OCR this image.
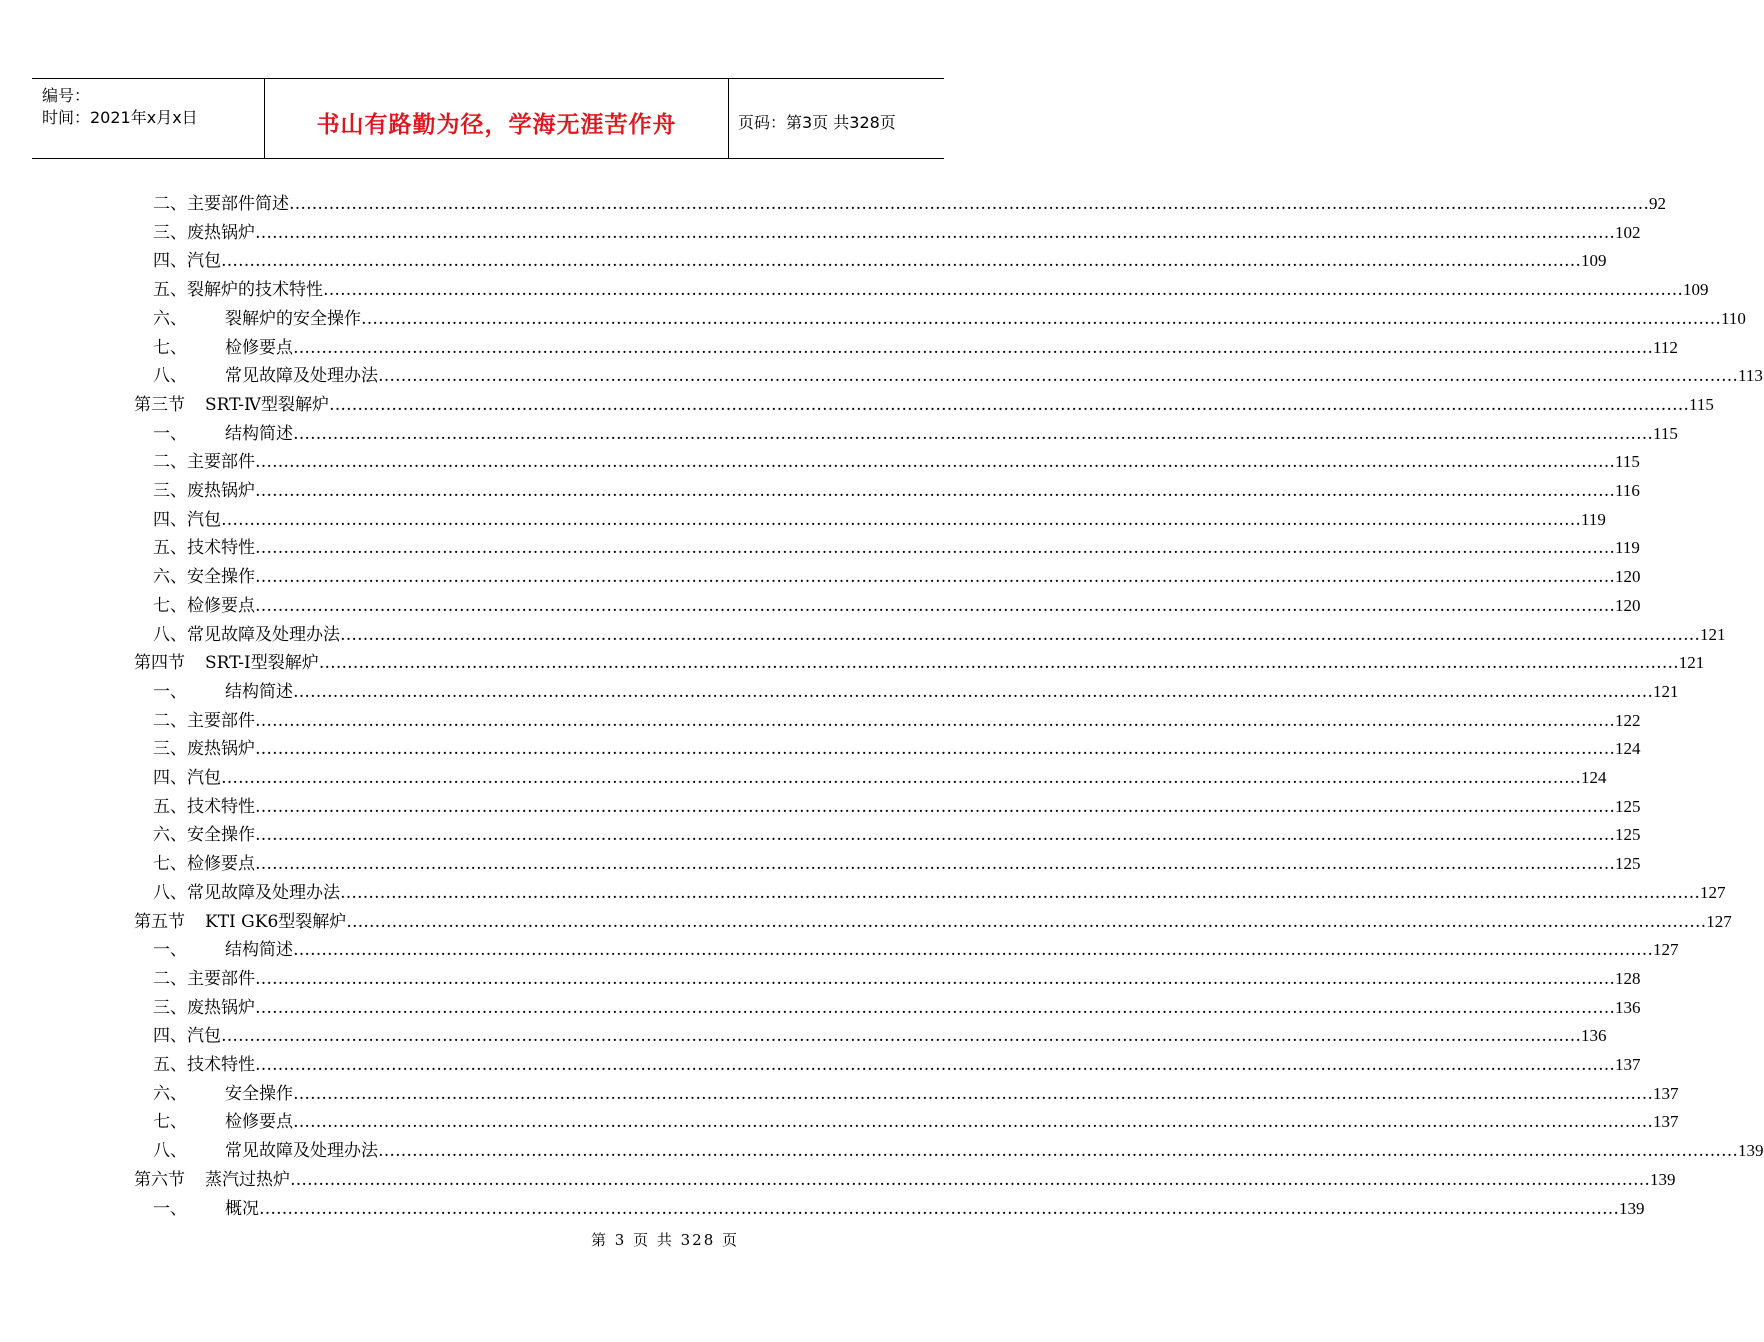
编号：
时间：2021年x月x日	书山有路勤为径，学海无涯苦作舟	页码：第3页 共328页
二、 主要部件简述 …………………………………………………………………………………………………………………………………………………………………………………………………………………… 92
三、 废热锅炉 …………………………………………………………………………………………………………………………………………………………………………………………………………………… 102
四、 汽包 …………………………………………………………………………………………………………………………………………………………………………………………………………………… 109
五、 裂解炉的技术特性 …………………………………………………………………………………………………………………………………………………………………………………………………………………… 109
六、 裂解炉的安全操作 …………………………………………………………………………………………………………………………………………………………………………………………………………………… 110
七、 检修要点 …………………………………………………………………………………………………………………………………………………………………………………………………………………… 112
八、 常见故障及处理办法 …………………………………………………………………………………………………………………………………………………………………………………………………………………… 113
第三节 SRT-Ⅳ型裂解炉 …………………………………………………………………………………………………………………………………………………………………………………………………………………… 115
一、 结构简述 …………………………………………………………………………………………………………………………………………………………………………………………………………………… 115
二、 主要部件 …………………………………………………………………………………………………………………………………………………………………………………………………………………… 115
三、 废热锅炉 …………………………………………………………………………………………………………………………………………………………………………………………………………………… 116
四、 汽包 …………………………………………………………………………………………………………………………………………………………………………………………………………………… 119
五、 技术特性 …………………………………………………………………………………………………………………………………………………………………………………………………………………… 119
六、 安全操作 …………………………………………………………………………………………………………………………………………………………………………………………………………………… 120
七、 检修要点 …………………………………………………………………………………………………………………………………………………………………………………………………………………… 120
八、 常见故障及处理办法 …………………………………………………………………………………………………………………………………………………………………………………………………………………… 121
第四节 SRT-I型裂解炉 …………………………………………………………………………………………………………………………………………………………………………………………………………………… 121
一、 结构简述 …………………………………………………………………………………………………………………………………………………………………………………………………………………… 121
二、 主要部件 …………………………………………………………………………………………………………………………………………………………………………………………………………………… 122
三、 废热锅炉 …………………………………………………………………………………………………………………………………………………………………………………………………………………… 124
四、 汽包 …………………………………………………………………………………………………………………………………………………………………………………………………………………… 124
五、 技术特性 …………………………………………………………………………………………………………………………………………………………………………………………………………………… 125
六、 安全操作 …………………………………………………………………………………………………………………………………………………………………………………………………………………… 125
七、 检修要点 …………………………………………………………………………………………………………………………………………………………………………………………………………………… 125
八、 常见故障及处理办法 …………………………………………………………………………………………………………………………………………………………………………………………………………………… 127
第五节 KTI GK6型裂解炉 …………………………………………………………………………………………………………………………………………………………………………………………………………………… 127
一、 结构简述 …………………………………………………………………………………………………………………………………………………………………………………………………………………… 127
二、 主要部件 …………………………………………………………………………………………………………………………………………………………………………………………………………………… 128
三、 废热锅炉 …………………………………………………………………………………………………………………………………………………………………………………………………………………… 136
四、 汽包 …………………………………………………………………………………………………………………………………………………………………………………………………………………… 136
五、 技术特性 …………………………………………………………………………………………………………………………………………………………………………………………………………………… 137
六、 安全操作 …………………………………………………………………………………………………………………………………………………………………………………………………………………… 137
七、 检修要点 …………………………………………………………………………………………………………………………………………………………………………………………………………………… 137
八、 常见故障及处理办法 …………………………………………………………………………………………………………………………………………………………………………………………………………………… 139
第六节 蒸汽过热炉 …………………………………………………………………………………………………………………………………………………………………………………………………………………… 139
一、 概况 …………………………………………………………………………………………………………………………………………………………………………………………………………………… 139
第 3 页 共 328 页
